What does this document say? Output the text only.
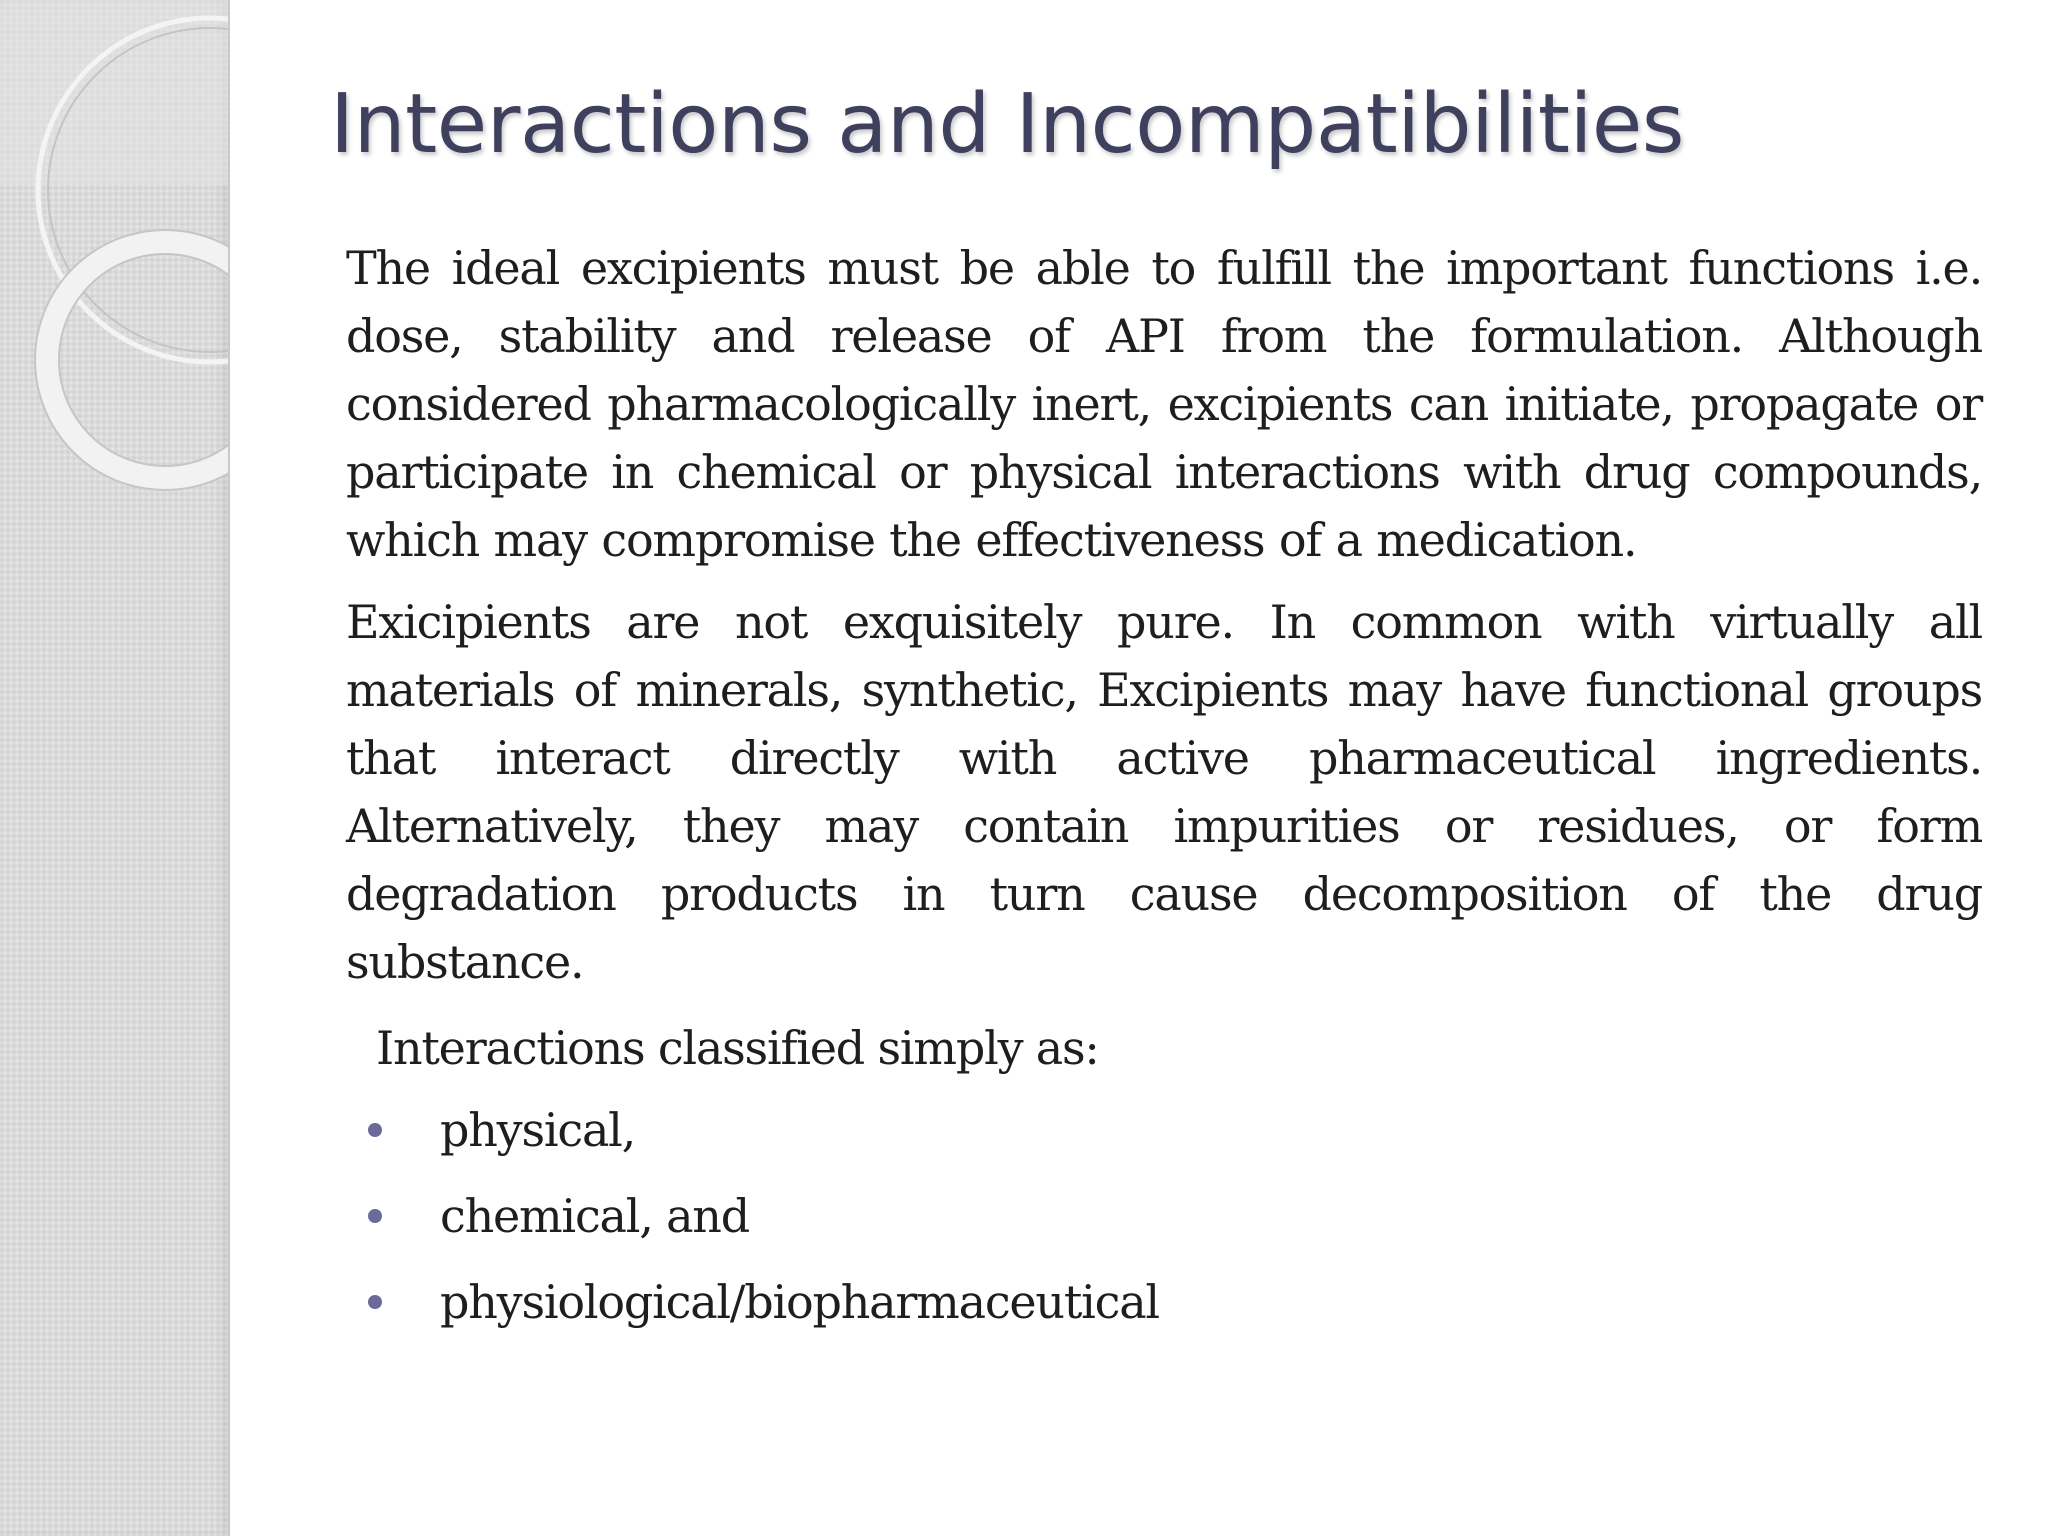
Interactions and Incompatibilities

The ideal excipients must be able to fulfill the important functions i.e. dose, stability and release of API from the formulation. Although considered pharmacologically inert, excipients can initiate, propagate or participate in chemical or physical interactions with drug compounds, which may compromise the effectiveness of a medication.

Exicipients are not exquisitely pure. In common with virtually all materials of minerals, synthetic, Excipients may have functional groups that interact directly with active pharmaceutical ingredients. Alternatively, they may contain impurities or residues, or form degradation products in turn cause decomposition of the drug substance.

Interactions classified simply as:

physical,
chemical, and
physiological/biopharmaceutical
